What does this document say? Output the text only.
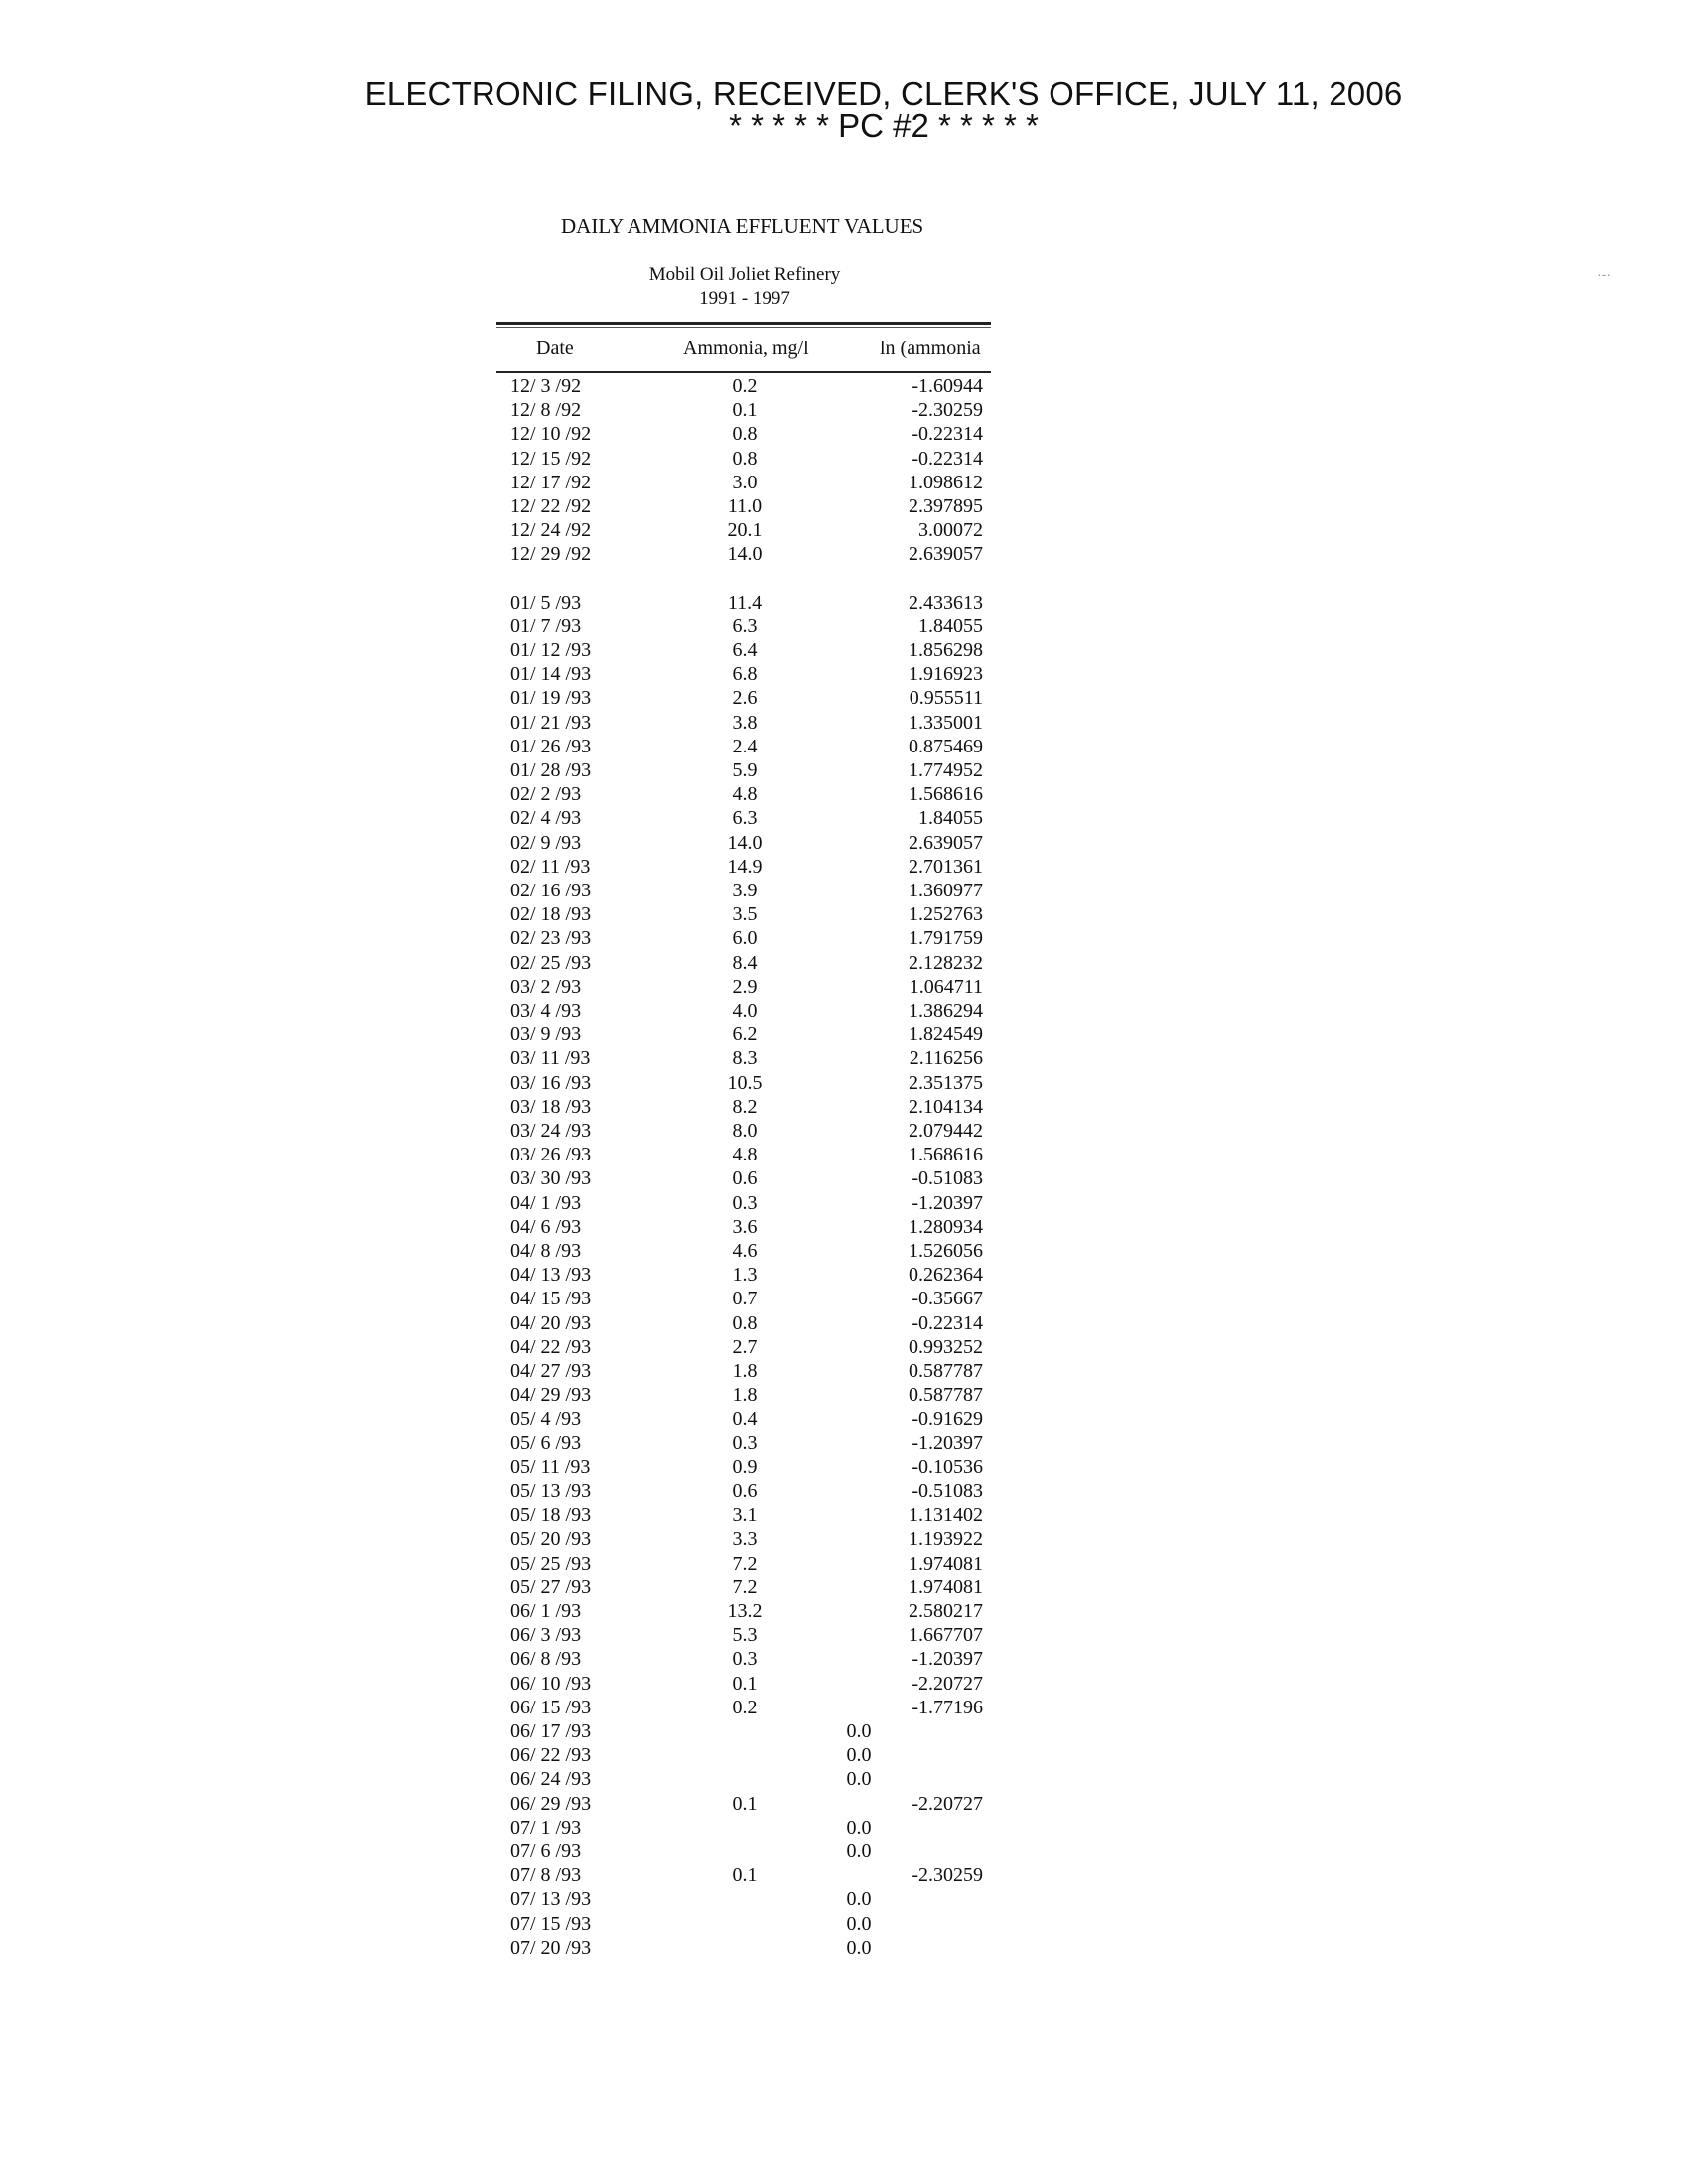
ELECTRONIC FILING, RECEIVED, CLERK'S OFFICE, JULY 11, 2006
* * * * * PC #2 * * * * *
DAILY AMMONIA EFFLUENT VALUES
Mobil Oil Joliet Refinery
1991 - 1997
Date	Ammonia, mg/l	ln (ammonia
12/ 3 /92	0.2	-1.60944
12/ 8 /92	0.1	-2.30259
12/ 10 /92	0.8	-0.22314
12/ 15 /92	0.8	-0.22314
12/ 17 /92	3.0	1.098612
12/ 22 /92	11.0	2.397895
12/ 24 /92	20.1	3.00072
12/ 29 /92	14.0	2.639057
01/ 5 /93	11.4	2.433613
01/ 7 /93	6.3	1.84055
01/ 12 /93	6.4	1.856298
01/ 14 /93	6.8	1.916923
01/ 19 /93	2.6	0.955511
01/ 21 /93	3.8	1.335001
01/ 26 /93	2.4	0.875469
01/ 28 /93	5.9	1.774952
02/ 2 /93	4.8	1.568616
02/ 4 /93	6.3	1.84055
02/ 9 /93	14.0	2.639057
02/ 11 /93	14.9	2.701361
02/ 16 /93	3.9	1.360977
02/ 18 /93	3.5	1.252763
02/ 23 /93	6.0	1.791759
02/ 25 /93	8.4	2.128232
03/ 2 /93	2.9	1.064711
03/ 4 /93	4.0	1.386294
03/ 9 /93	6.2	1.824549
03/ 11 /93	8.3	2.116256
03/ 16 /93	10.5	2.351375
03/ 18 /93	8.2	2.104134
03/ 24 /93	8.0	2.079442
03/ 26 /93	4.8	1.568616
03/ 30 /93	0.6	-0.51083
04/ 1 /93	0.3	-1.20397
04/ 6 /93	3.6	1.280934
04/ 8 /93	4.6	1.526056
04/ 13 /93	1.3	0.262364
04/ 15 /93	0.7	-0.35667
04/ 20 /93	0.8	-0.22314
04/ 22 /93	2.7	0.993252
04/ 27 /93	1.8	0.587787
04/ 29 /93	1.8	0.587787
05/ 4 /93	0.4	-0.91629
05/ 6 /93	0.3	-1.20397
05/ 11 /93	0.9	-0.10536
05/ 13 /93	0.6	-0.51083
05/ 18 /93	3.1	1.131402
05/ 20 /93	3.3	1.193922
05/ 25 /93	7.2	1.974081
05/ 27 /93	7.2	1.974081
06/ 1 /93	13.2	2.580217
06/ 3 /93	5.3	1.667707
06/ 8 /93	0.3	-1.20397
06/ 10 /93	0.1	-2.20727
06/ 15 /93	0.2	-1.77196
06/ 17 /93	0.0
06/ 22 /93	0.0
06/ 24 /93	0.0
06/ 29 /93	0.1	-2.20727
07/ 1 /93	0.0
07/ 6 /93	0.0
07/ 8 /93	0.1	-2.30259
07/ 13 /93	0.0
07/ 15 /93	0.0
07/ 20 /93	0.0
·-·
